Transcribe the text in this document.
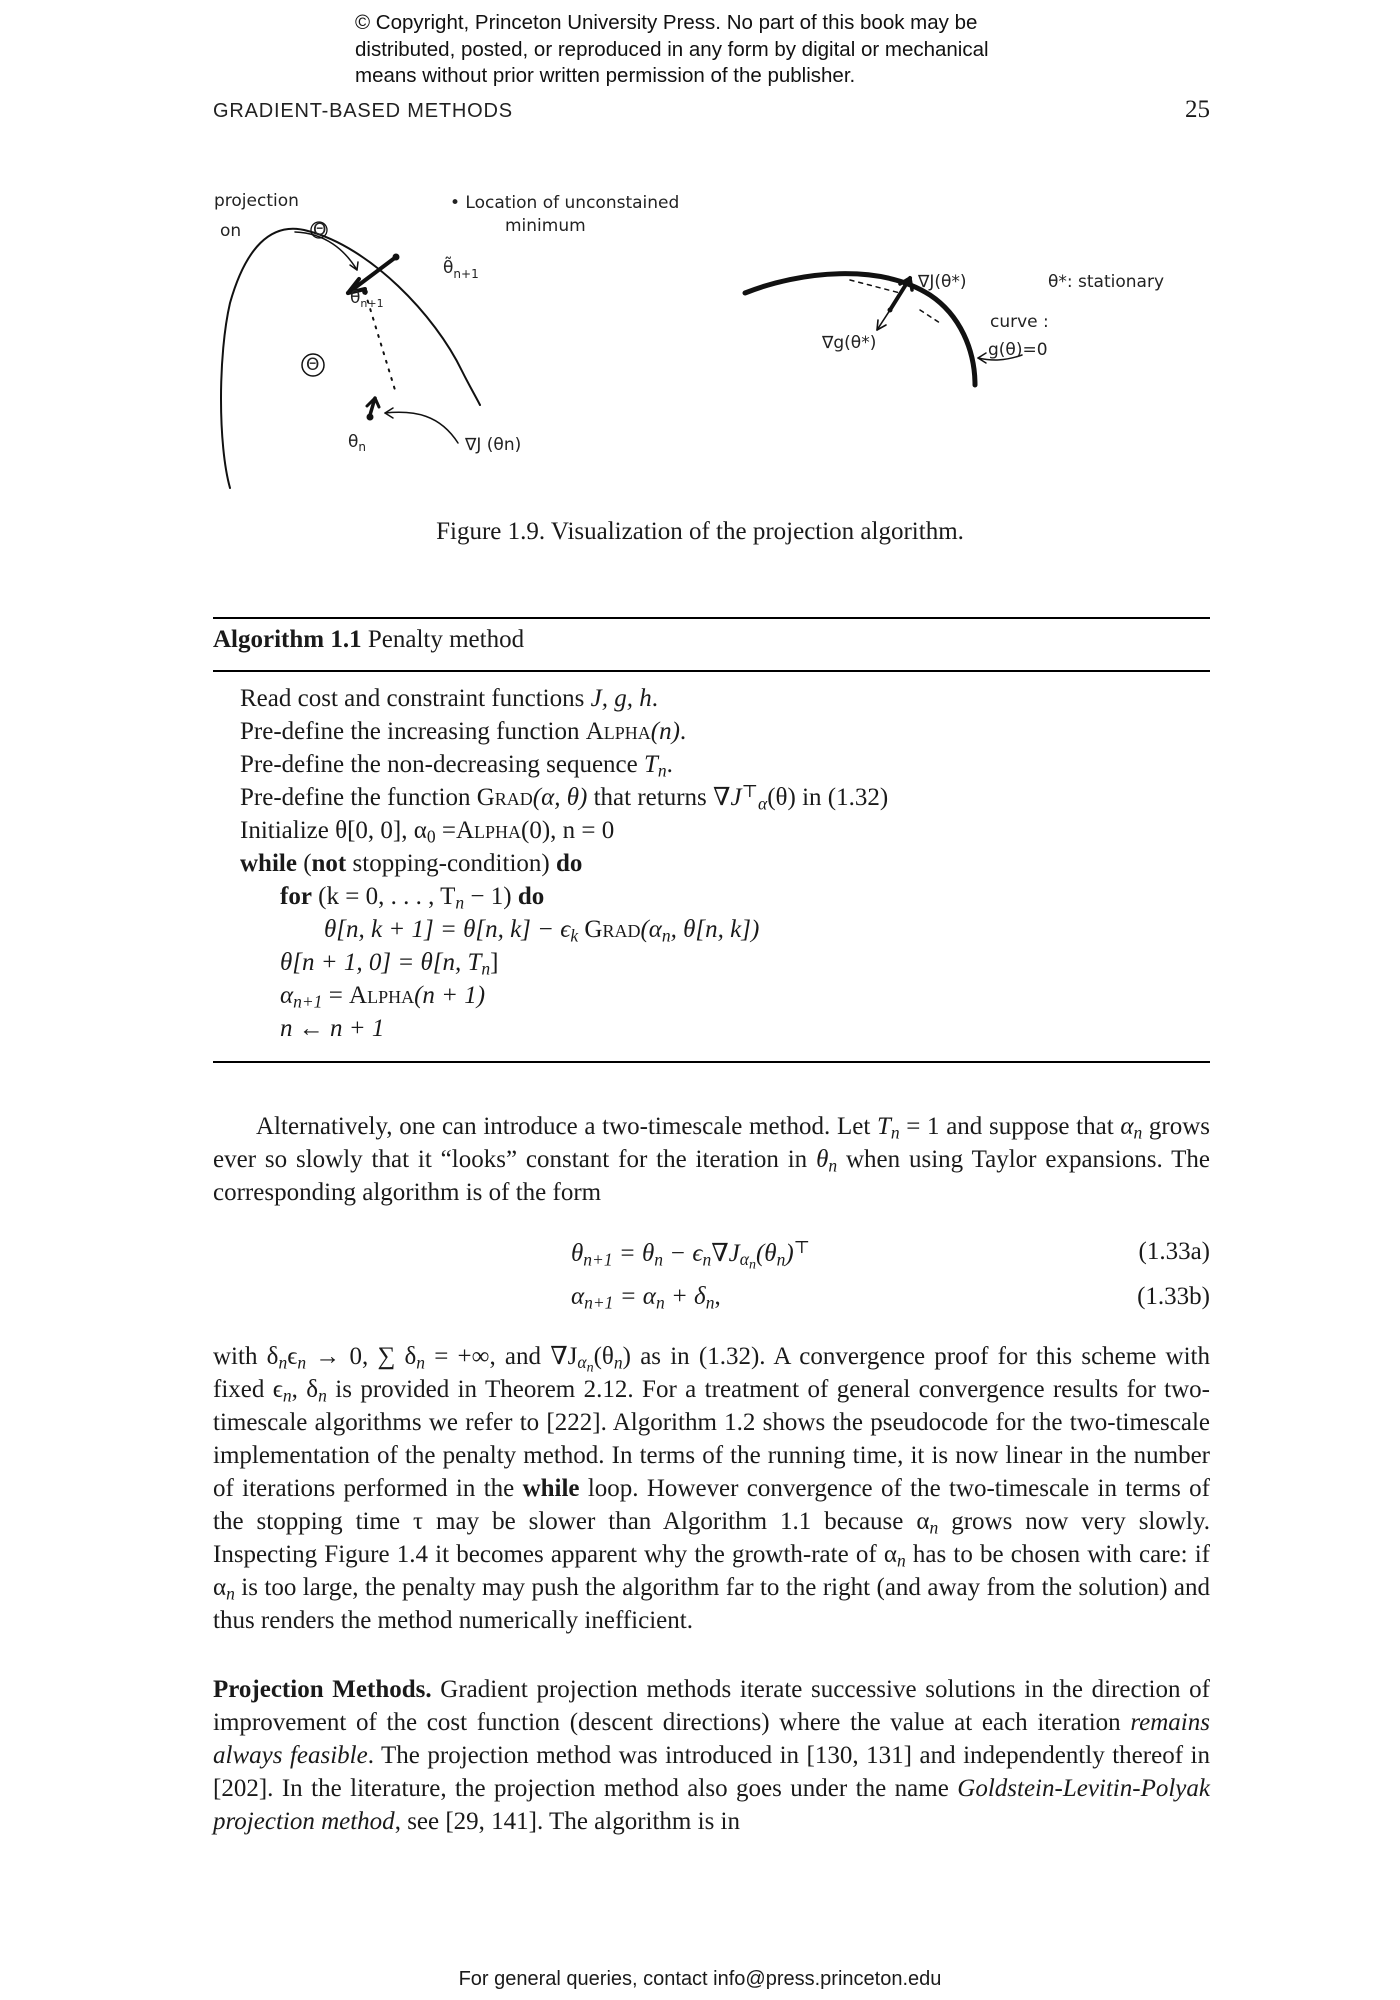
© Copyright, Princeton University Press. No part of this book may be
distributed, posted, or reproduced in any form by digital or mechanical
means without prior written permission of the publisher.
GRADIENT-BASED METHODS	25
projection
on	Θ
Θ
• Location of unconstained
minimum
$\thetã_{n+1}$
$\theta_{n+1}$
$\theta_n$	∇J (θn)
∇J(θ*)	θ*: stationary
∇g(θ*)
curve :
g(θ)=0
Figure 1.9. Visualization of the projection algorithm.
Algorithm 1.1 Penalty method
Read cost and constraint functions J, g, h.
Pre-define the increasing function Alpha(n).
Pre-define the non-decreasing sequence $T_n$.
Pre-define the function Grad(α, θ) that returns $\nabla J^⊤_\alpha(\theta)$ in (1.32)
Initialize θ[0, 0], $\alpha_0$ =Alpha(0), n = 0
while (not stopping-condition) do
for (k = 0, . . . , $T_n - 1$) do
θ[n, k + 1] = θ[n, $k] - \epsilon_k$ $Grad(\alpha_n$, θ[n, k])
θ[n + 1, 0] = θ[n, $T_n$]
$\alpha_{n+1}$ = Alpha(n + 1)
n ← n + 1
Alternatively, one can introduce a two-timescale method. Let $T_n = 1$ and suppose that $\alpha_n$ grows ever so slowly that it “looks” constant for the iteration in $\theta_n$ when using Taylor expansions. The corresponding algorithm is of the form
$\theta_{n+1} = \theta_n - \epsilon_n\nabla J_{\alpha_n}(\theta_n)^⊤$	(1.33a)
$\alpha_{n+1} = \alpha_n + \delta_n$,	(1.33b)
with $\delta_n\epsilon_n \to 0$, ∑ $\delta_n$ = +∞, and $\nabla J_{\alpha_n}(\theta_n)$ as in (1.32). A convergence proof for this scheme with fixed $\epsilon_n$, $\delta_n$ is provided in Theorem 2.12. For a treatment of general convergence results for two-timescale algorithms we refer to [222]. Algorithm 1.2 shows the pseudocode for the two-timescale implementation of the penalty method. In terms of the running time, it is now linear in the number of iterations performed in the while loop. However convergence of the two-timescale in terms of the stopping time τ may be slower than Algorithm 1.1 because $\alpha_n$ grows now very slowly. Inspecting Figure 1.4 it becomes apparent why the growth-rate of $\alpha_n$ has to be chosen with care: if $\alpha_n$ is too large, the penalty may push the algorithm far to the right (and away from the solution) and thus renders the method numerically inefficient.
Projection Methods. Gradient projection methods iterate successive solutions in the direction of improvement of the cost function (descent directions) where the value at each iteration remains always feasible. The projection method was introduced in [130, 131] and independently thereof in [202]. In the literature, the projection method also goes under the name Goldstein-Levitin-Polyak projection method, see [29, 141]. The algorithm is in
For general queries, contact info@press.princeton.edu
